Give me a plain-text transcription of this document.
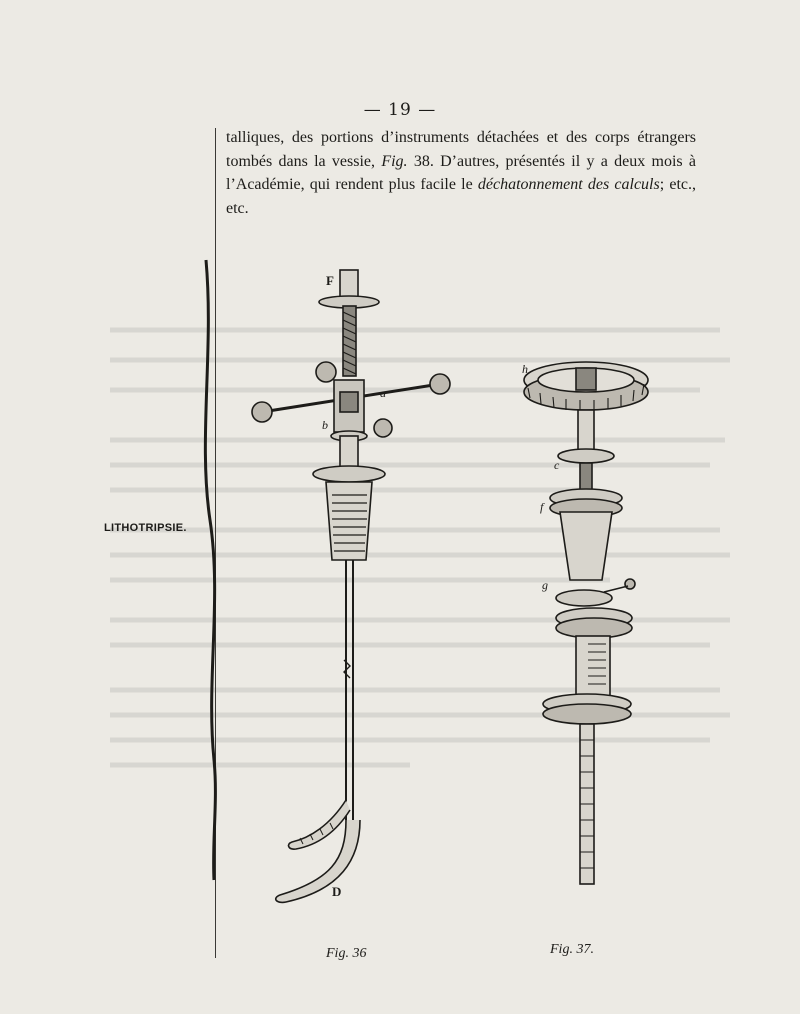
— 19 —
talliques, des portions d’instruments détachées et des corps étrangers tombés dans la vessie, Fig. 38. D’autres, présentés il y a deux mois à l’Académie, qui rendent plus facile le déchatonnement des calculs; etc., etc.
LITHOTRIPSIE.
F
a
b
D
h
c
f
g
Fig. 36	Fig. 37.
